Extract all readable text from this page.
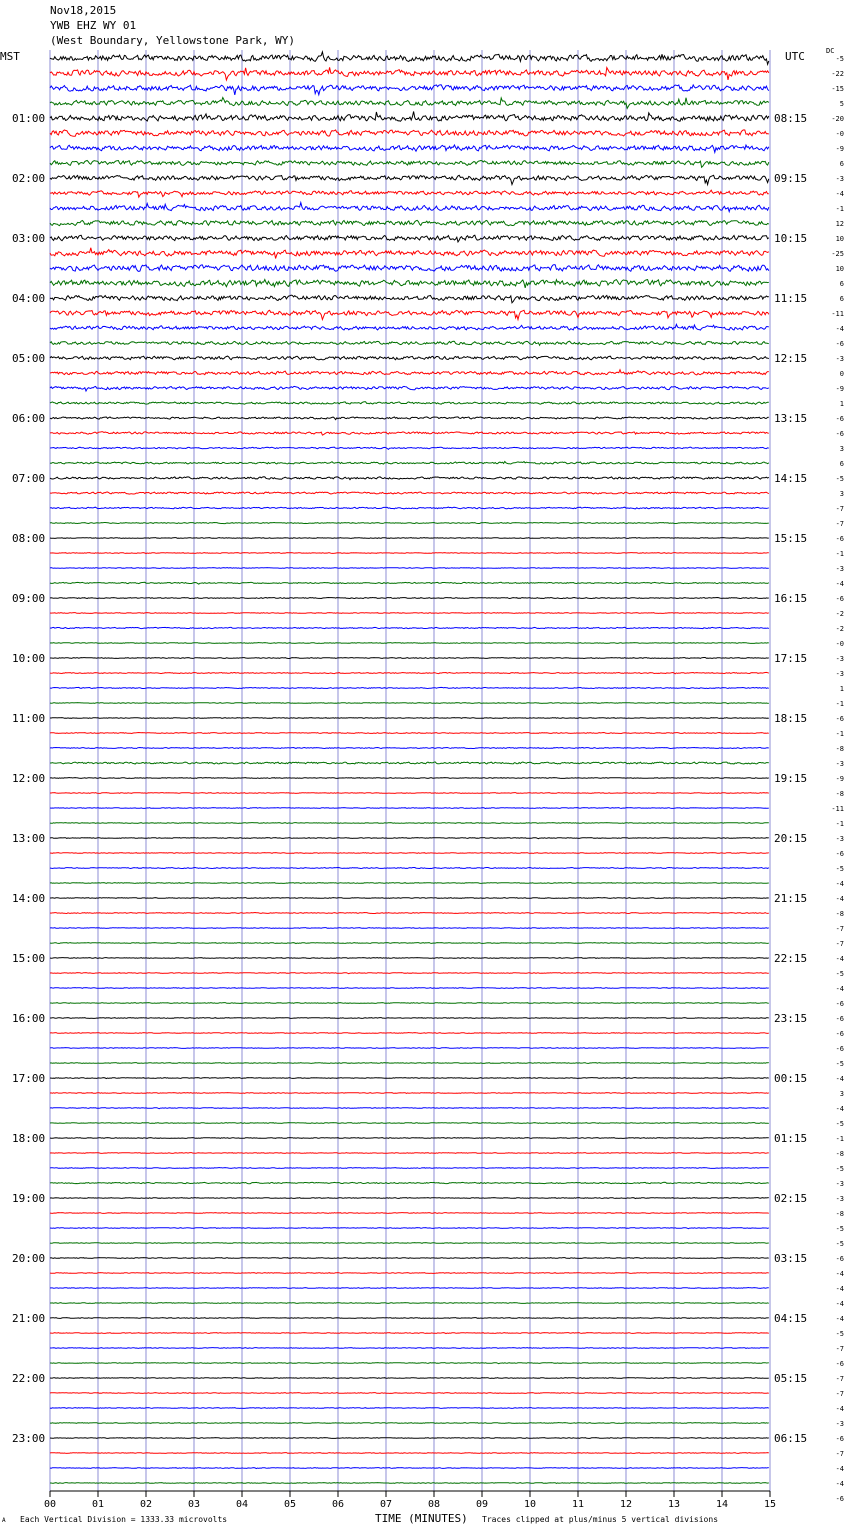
Nov18,2015
YWB EHZ WY 01
(West Boundary, Yellowstone Park, WY)
MST	UTC	DC
01:00
02:00
03:00
04:00
05:00
06:00
07:00
08:00
09:00
10:00
11:00
12:00
13:00
14:00
15:00
16:00
17:00
18:00
19:00
20:00
21:00
22:00
23:00
08:15
09:15
10:15
11:15
12:15
13:15
14:15
15:15
16:15
17:15
18:15
19:15
20:15
21:15
22:15
23:15
00:15
01:15
02:15
03:15
04:15
05:15
06:15
-5
-22
-15
5
-20
-0
-9
6
-3
-4
-1
12
10
-25
10
6
6
-11
-4
-6
-3
0
-9
1
-6
-6
3
6
-5
3
-7
-7
-6
-1
-3
-4
-6
-2
-2
-0
-3
-3
1
-1
-6
-1
-8
-3
-9
-8
-11
-1
-3
-6
-5
-4
-4
-8
-7
-7
-4
-5
-4
-6
-6
-6
-6
-5
-4
3
-4
-5
-1
-8
-5
-3
-3
-8
-5
-5
-6
-4
-4
-4
-4
-5
-7
-6
-7
-7
-4
-3
-6
-7
-4
-4
-6
00	01	02	03	04	05	06	07	08	09	10	11	12	13	14	15
A Each Vertical Division = 1333.33 microvolts	TIME (MINUTES) Traces clipped at plus/minus 5 vertical divisions
